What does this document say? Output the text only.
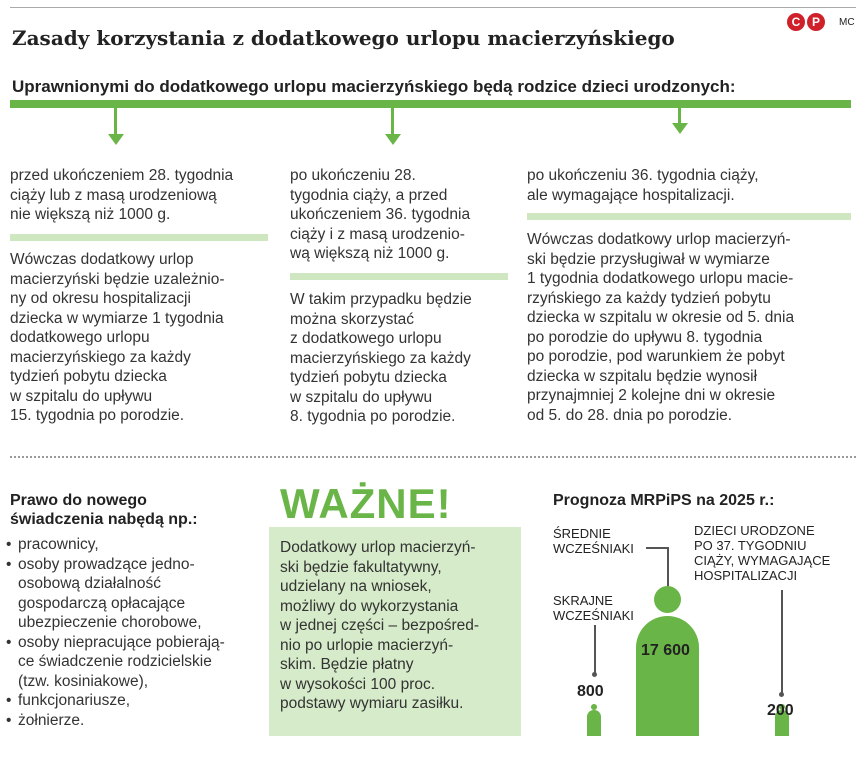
Zasady korzystania z dodatkowego urlopu macierzyńskiego
C P	MC
Uprawnionymi do dodatkowego urlopu macierzyńskiego będą rodzice dzieci urodzonych:

przed ukończeniem 28. tygodnia

ciąży lub z masą urodzeniową

nie większą niż 1000 g.

Wówczas dodatkowy urlop

macierzyński będzie uzależnio-

ny od okresu hospitalizacji

dziecka w wymiarze 1 tygodnia

dodatkowego urlopu

macierzyńskiego za każdy

tydzień pobytu dziecka

w szpitalu do upływu

15. tygodnia po porodzie.

po ukończeniu 28.

tygodnia ciąży, a przed

ukończeniem 36. tygodnia

ciąży i z masą urodzenio-

wą większą niż 1000 g.

W takim przypadku będzie

można skorzystać

z dodatkowego urlopu

macierzyńskiego za każdy

tydzień pobytu dziecka

w szpitalu do upływu

8. tygodnia po porodzie.

po ukończeniu 36. tygodnia ciąży,

ale wymagające hospitalizacji.

Wówczas dodatkowy urlop macierzyń-

ski będzie przysługiwał w wymiarze

1 tygodnia dodatkowego urlopu macie-

rzyńskiego za każdy tydzień pobytu

dziecka w szpitalu w okresie od 5. dnia

po porodzie do upływu 8. tygodnia

po porodzie, pod warunkiem że pobyt

dziecka w szpitalu będzie wynosił

przynajmniej 2 kolejne dni w okresie

od 5. do 28. dnia po porodzie.

Prawo do nowego
świadczenia nabędą np.:
• pracownicy,
• osoby prowadzące jedno-
osobową działalność
gospodarczą opłacające
ubezpieczenie chorobowe,
• osoby niepracujące pobierają-
ce świadczenie rodzicielskie
(tzw. kosiniakowe),
• funkcjonariusze,
• żołnierze.
WAŻNE!
Dodatkowy urlop macierzyń-
ski będzie fakultatywny,
udzielany na wniosek,
możliwy do wykorzystania
w jednej części – bezpośred-
nio po urlopie macierzyń-
skim. Będzie płatny
w wysokości 100 proc.
podstawy wymiaru zasiłku.
Prognoza MRPiPS na 2025 r.:
ŚREDNIE
WCZEŚNIAKI
SKRAJNE
WCZEŚNIAKI
DZIECI URODZONE
PO 37. TYGODNIU
CIĄŻY, WYMAGAJĄCE
HOSPITALIZACJI
800
17 600
200
